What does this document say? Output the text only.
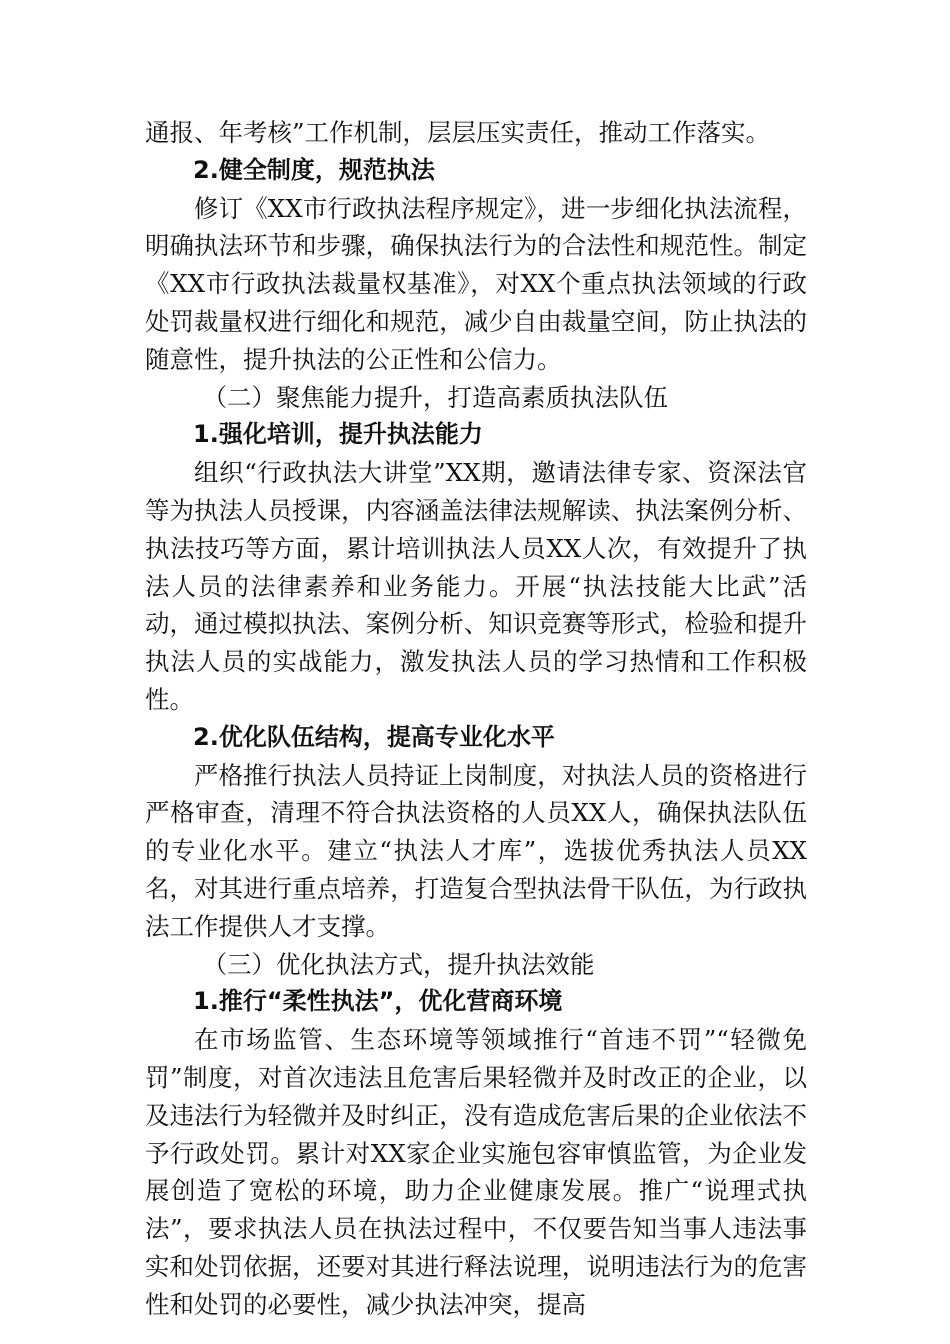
通报、年考核”工作机制，层层压实责任，推动工作落实。

2.健全制度，规范执法

修订《XX市行政执法程序规定》，进一步细化执法流程，明确执法环节和步骤，确保执法行为的合法性和规范性。制定《XX市行政执法裁量权基准》，对XX个重点执法领域的行政处罚裁量权进行细化和规范，减少自由裁量空间，防止执法的随意性，提升执法的公正性和公信力。

（二）聚焦能力提升，打造高素质执法队伍

1.强化培训，提升执法能力

组织“行政执法大讲堂”XX期，邀请法律专家、资深法官等为执法人员授课，内容涵盖法律法规解读、执法案例分析、执法技巧等方面，累计培训执法人员XX人次，有效提升了执法人员的法律素养和业务能力。开展“执法技能大比武”活动，通过模拟执法、案例分析、知识竞赛等形式，检验和提升执法人员的实战能力，激发执法人员的学习热情和工作积极性。

2.优化队伍结构，提高专业化水平

严格推行执法人员持证上岗制度，对执法人员的资格进行严格审查，清理不符合执法资格的人员XX人，确保执法队伍的专业化水平。建立“执法人才库”，选拔优秀执法人员XX名，对其进行重点培养，打造复合型执法骨干队伍，为行政执法工作提供人才支撑。

（三）优化执法方式，提升执法效能

1.推行“柔性执法”，优化营商环境

在市场监管、生态环境等领域推行“首违不罚”“轻微免罚”制度，对首次违法且危害后果轻微并及时改正的企业，以及违法行为轻微并及时纠正，没有造成危害后果的企业依法不予行政处罚。累计对XX家企业实施包容审慎监管，为企业发展创造了宽松的环境，助力企业健康发展。推广“说理式执法”，要求执法人员在执法过程中，不仅要告知当事人违法事实和处罚依据，还要对其进行释法说理，说明违法行为的危害性和处罚的必要性，减少执法冲突，提高
